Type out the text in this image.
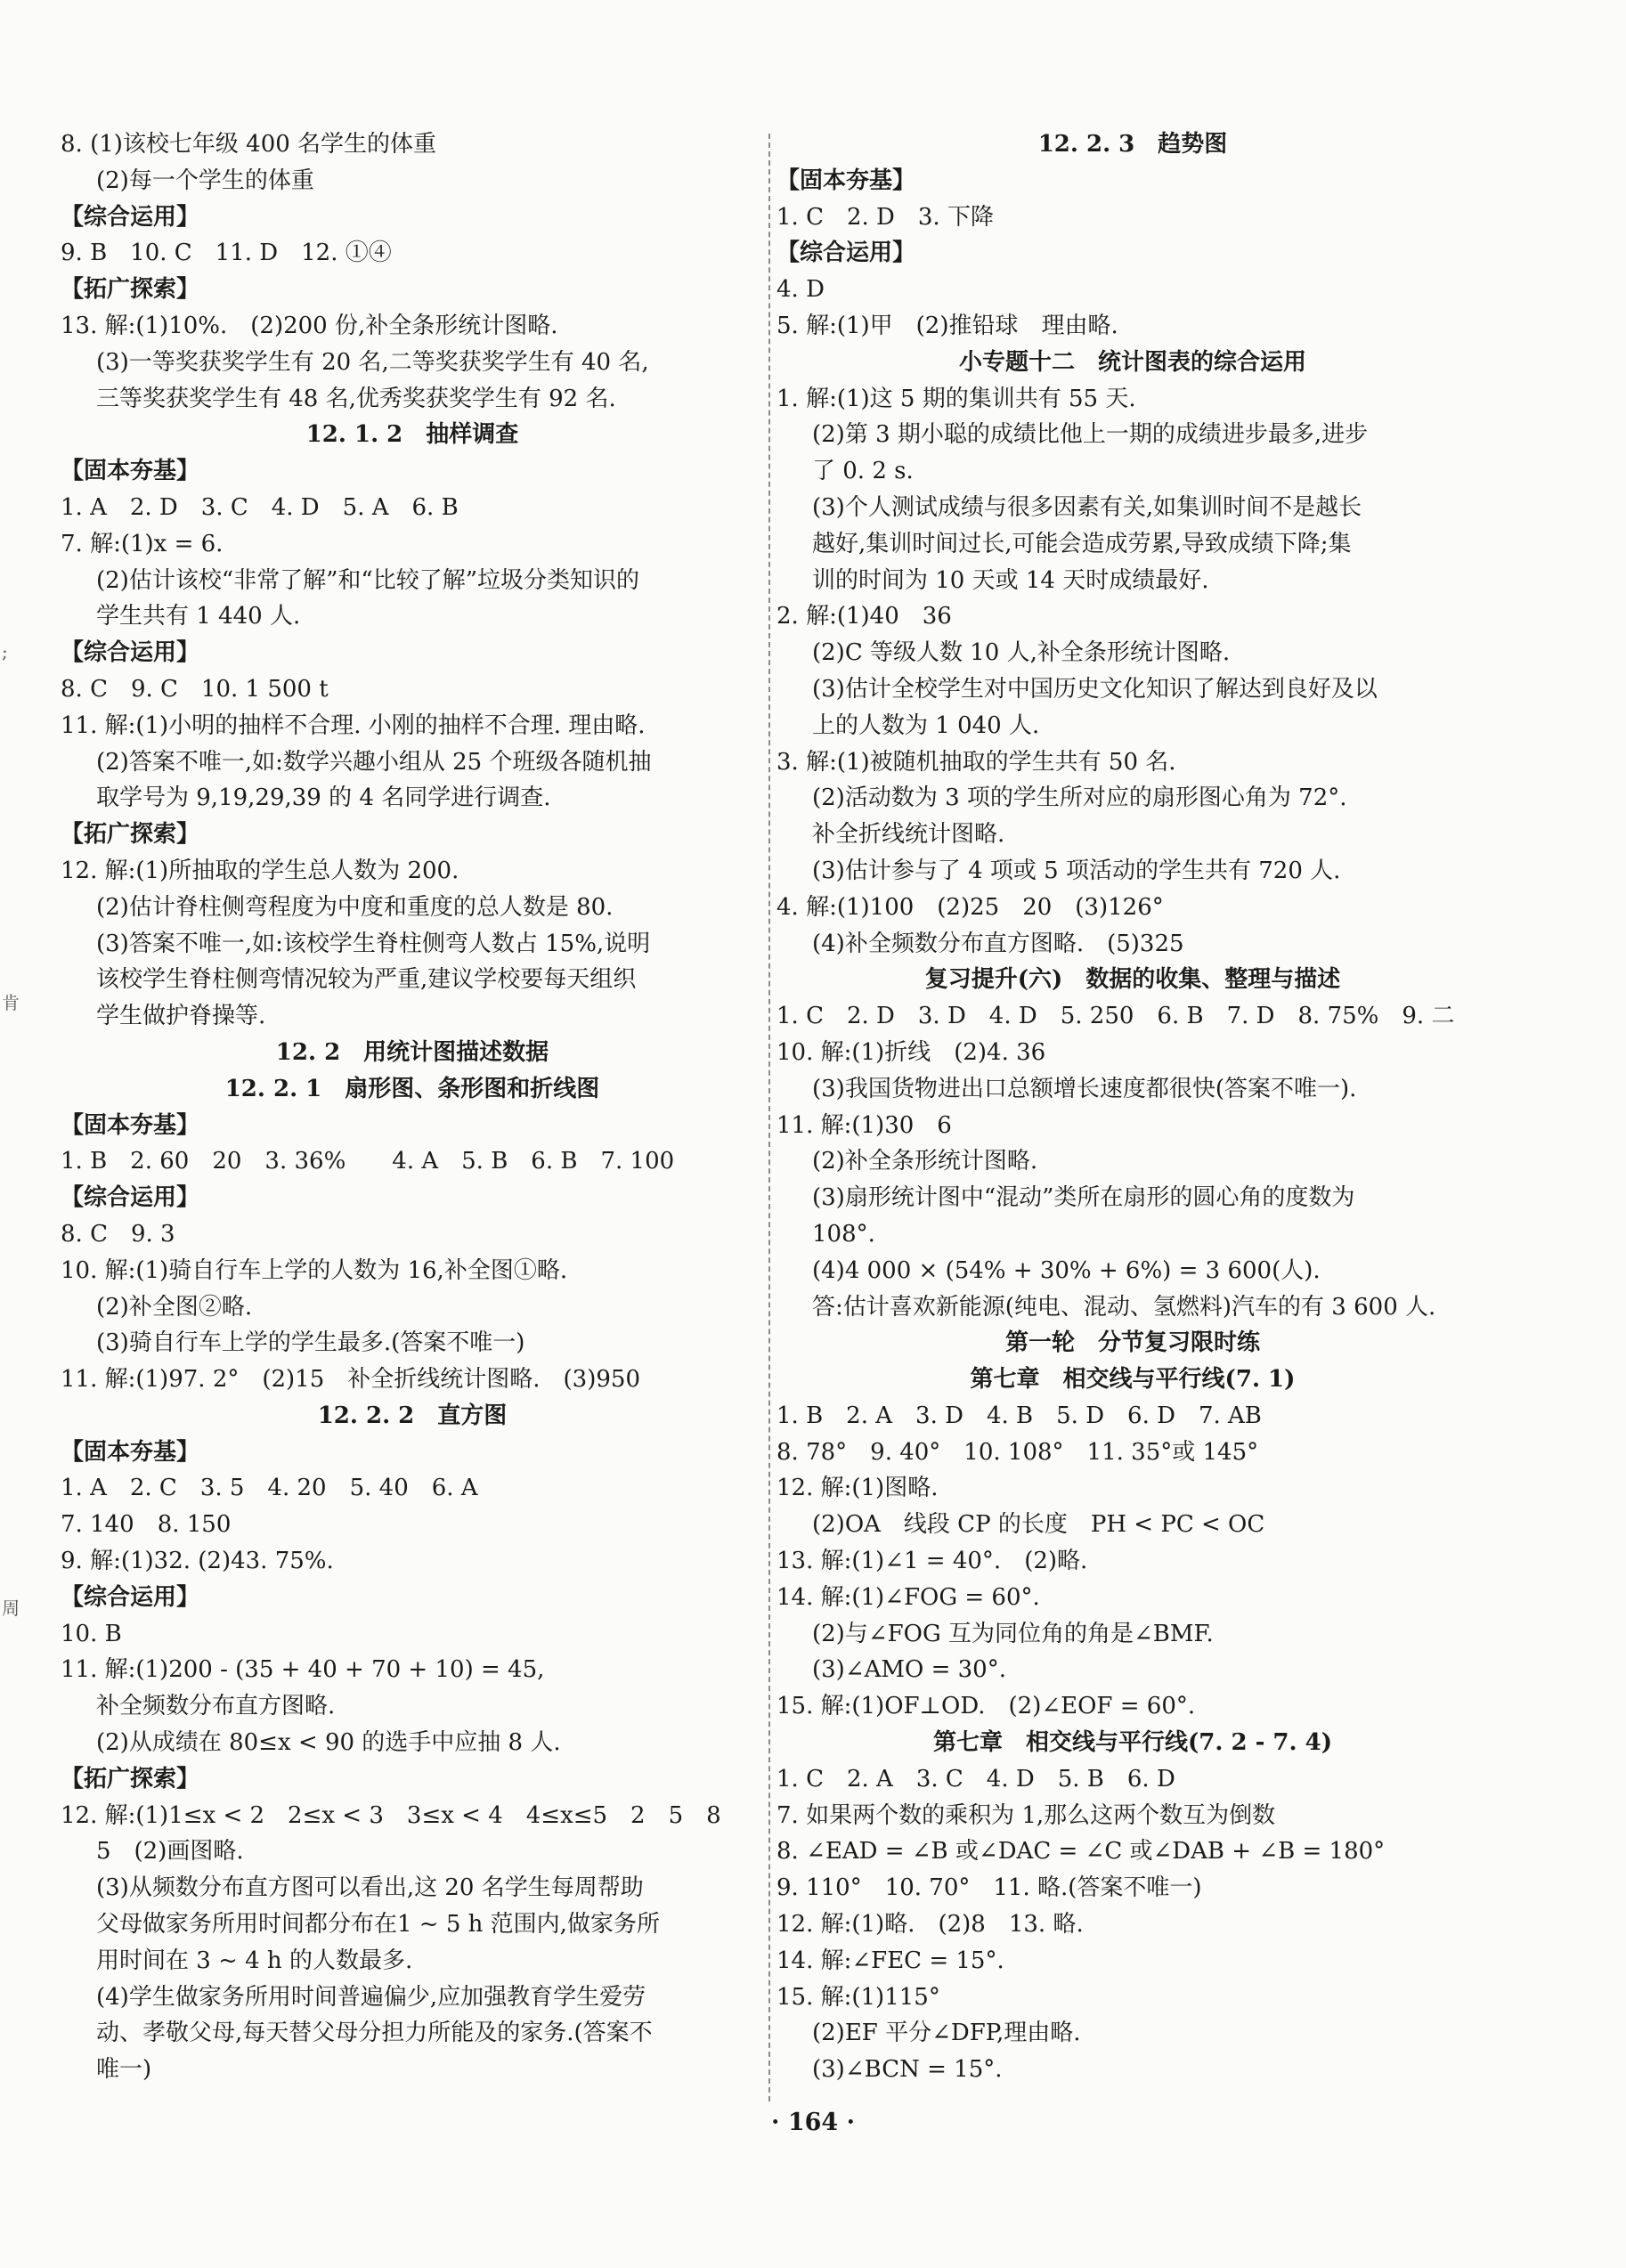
8. (1)该校七年级 400 名学生的体重
(2)每一个学生的体重
【综合运用】
9. B　10. C　11. D　12. ①④
【拓广探索】
13. 解:(1)10%.　(2)200 份,补全条形统计图略.
(3)一等奖获奖学生有 20 名,二等奖获奖学生有 40 名,
三等奖获奖学生有 48 名,优秀奖获奖学生有 92 名.
12. 1. 2　抽样调查
【固本夯基】
1. A　2. D　3. C　4. D　5. A　6. B
7. 解:(1)x = 6.
(2)估计该校“非常了解”和“比较了解”垃圾分类知识的
学生共有 1 440 人.
【综合运用】
8. C　9. C　10. 1 500 t
11. 解:(1)小明的抽样不合理. 小刚的抽样不合理. 理由略.
(2)答案不唯一,如:数学兴趣小组从 25 个班级各随机抽
取学号为 9,19,29,39 的 4 名同学进行调查.
【拓广探索】
12. 解:(1)所抽取的学生总人数为 200.
(2)估计脊柱侧弯程度为中度和重度的总人数是 80.
(3)答案不唯一,如:该校学生脊柱侧弯人数占 15%,说明
该校学生脊柱侧弯情况较为严重,建议学校要每天组织
学生做护脊操等.
12. 2　用统计图描述数据
12. 2. 1　扇形图、条形图和折线图
【固本夯基】
1. B　2. 60　20　3. 36%　　4. A　5. B　6. B　7. 100
【综合运用】
8. C　9. 3
10. 解:(1)骑自行车上学的人数为 16,补全图①略.
(2)补全图②略.
(3)骑自行车上学的学生最多.(答案不唯一)
11. 解:(1)97. 2°　(2)15　补全折线统计图略.　(3)950
12. 2. 2　直方图
【固本夯基】
1. A　2. C　3. 5　4. 20　5. 40　6. A
7. 140　8. 150
9. 解:(1)32. (2)43. 75%.
【综合运用】
10. B
11. 解:(1)200 - (35 + 40 + 70 + 10) = 45,
补全频数分布直方图略.
(2)从成绩在 80≤x < 90 的选手中应抽 8 人.
【拓广探索】
12. 解:(1)1≤x < 2　2≤x < 3　3≤x < 4　4≤x≤5　2　5　8
5　(2)画图略.
(3)从频数分布直方图可以看出,这 20 名学生每周帮助
父母做家务所用时间都分布在1 ~ 5 h 范围内,做家务所
用时间在 3 ~ 4 h 的人数最多.
(4)学生做家务所用时间普遍偏少,应加强教育学生爱劳
动、孝敬父母,每天替父母分担力所能及的家务.(答案不
唯一)
12. 2. 3　趋势图
【固本夯基】
1. C　2. D　3. 下降
【综合运用】
4. D
5. 解:(1)甲　(2)推铅球　理由略.
小专题十二　统计图表的综合运用
1. 解:(1)这 5 期的集训共有 55 天.
(2)第 3 期小聪的成绩比他上一期的成绩进步最多,进步
了 0. 2 s.
(3)个人测试成绩与很多因素有关,如集训时间不是越长
越好,集训时间过长,可能会造成劳累,导致成绩下降;集
训的时间为 10 天或 14 天时成绩最好.
2. 解:(1)40　36
(2)C 等级人数 10 人,补全条形统计图略.
(3)估计全校学生对中国历史文化知识了解达到良好及以
上的人数为 1 040 人.
3. 解:(1)被随机抽取的学生共有 50 名.
(2)活动数为 3 项的学生所对应的扇形图心角为 72°.
补全折线统计图略.
(3)估计参与了 4 项或 5 项活动的学生共有 720 人.
4. 解:(1)100　(2)25　20　(3)126°
(4)补全频数分布直方图略.　(5)325
复习提升(六)　数据的收集、整理与描述
1. C　2. D　3. D　4. D　5. 250　6. B　7. D　8. 75%　9. 二
10. 解:(1)折线　(2)4. 36
(3)我国货物进出口总额增长速度都很快(答案不唯一).
11. 解:(1)30　6
(2)补全条形统计图略.
(3)扇形统计图中“混动”类所在扇形的圆心角的度数为
108°.
(4)4 000 × (54% + 30% + 6%) = 3 600(人).
答:估计喜欢新能源(纯电、混动、氢燃料)汽车的有 3 600 人.
第一轮　分节复习限时练
第七章　相交线与平行线(7. 1)
1. B　2. A　3. D　4. B　5. D　6. D　7. AB
8. 78°　9. 40°　10. 108°　11. 35°或 145°
12. 解:(1)图略.
(2)OA　线段 CP 的长度　PH < PC < OC
13. 解:(1)∠1 = 40°.　(2)略.
14. 解:(1)∠FOG = 60°.
(2)与∠FOG 互为同位角的角是∠BMF.
(3)∠AMO = 30°.
15. 解:(1)OF⊥OD.　(2)∠EOF = 60°.
第七章　相交线与平行线(7. 2 - 7. 4)
1. C　2. A　3. C　4. D　5. B　6. D
7. 如果两个数的乘积为 1,那么这两个数互为倒数
8. ∠EAD = ∠B 或∠DAC = ∠C 或∠DAB + ∠B = 180°
9. 110°　10. 70°　11. 略.(答案不唯一)
12. 解:(1)略.　(2)8　13. 略.
14. 解:∠FEC = 15°.
15. 解:(1)115°
(2)EF 平分∠DFP,理由略.
(3)∠BCN = 15°.
;
肯
周
· 164 ·
